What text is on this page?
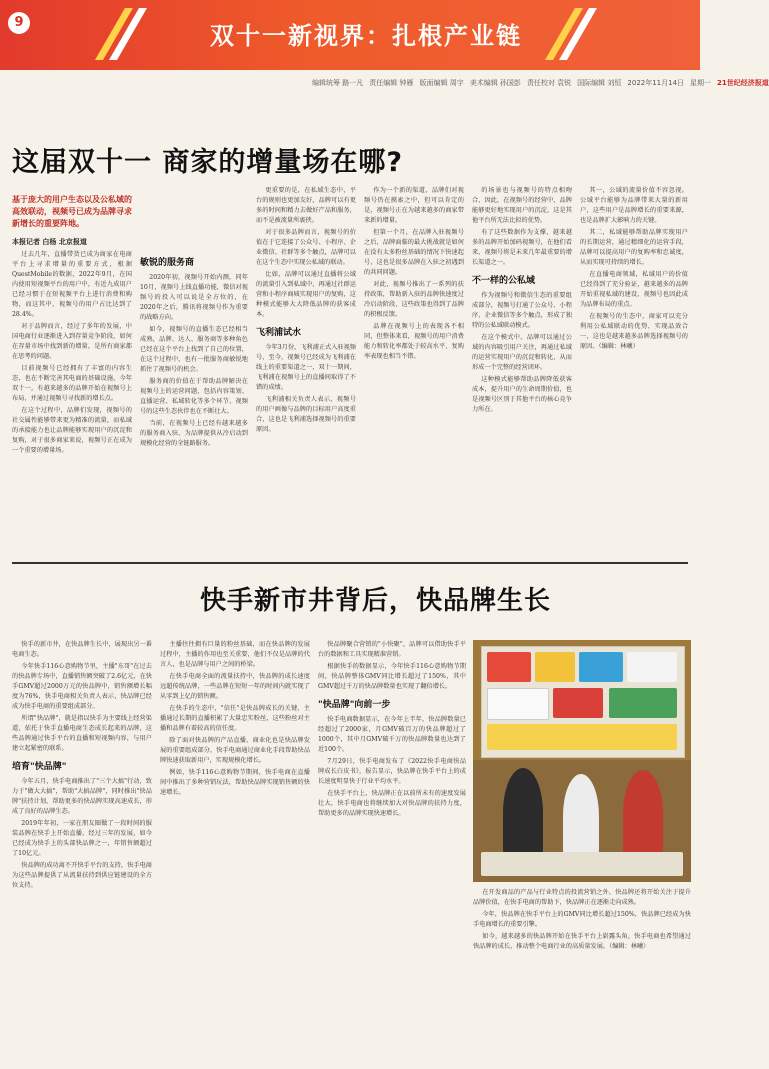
9	双十一新视界：扎根产业链
编辑统筹 路一凡 责任编辑 钟雁 版面编辑 周宇 美术编辑 孙国彭 责任校对 袁锐 国际编辑 刘恒 2022年11月14日 星期一 21世纪经济报道
这届双十一 商家的增量场在哪?
基于庞大的用户生态以及公私域的高效联动，视频号已成为品牌寻求新增长的重要阵地。
本报记者 白杨 北京报道

过去几年，直播带货已成为商家在电商平台上寻求增量的重要方式，根据QuestMobile的数据，2022年9月，在国内使用短视频平台的用户中，有近九成用户已经习惯于在短视频平台上进行消费和购物，而这其中，视频号的用户占比达到了28.4%。

对于品牌而言，经过了多年的发展，中国电商行业逐渐进入到存量竞争阶段，如何在存量市场中找到新的增量，是所有商家都在思考的问题。

目前视频号已经拥有了丰富的内容生态，也在不断完善其电商的基础设施，今年双十一，有越来越多的品牌开始在视频号上布局，并通过视频号寻找新的增长点。

在这个过程中，品牌们发现，视频号的社交属性能够带来更为精准的流量，而私域的承接能力也让品牌能够实现用户的沉淀和复购，对于很多商家来说，视频号正在成为一个重要的增量场。

敏锐的服务商

2020年初，视频号开始内测，同年10月，视频号上线直播功能，微信对视频号的投入可以说是全方位的，在2020年之后，腾讯将视频号作为重要的战略方向。

如今，视频号的直播生态已经相当成熟，品牌、达人、服务商等多种角色已经在这个平台上找到了自己的位置，在这个过程中，也有一批服务商敏锐地抓住了视频号的机会。

服务商的价值在于帮助品牌解决在视频号上的运营问题，包括内容策划、直播运营、私域转化等多个环节，视频号的这些生态伙伴也在不断壮大。

当前，在视频号上已经有越来越多的服务商入驻，为品牌提供从冷启动到规模化经营的全链路服务。

更重要的是，在私域生态中，平台的规则也更加友好，品牌可以有更多的时间和精力去做好产品和服务，而不是被流量所裹挟。

对于很多品牌而言，视频号的价值在于它连接了公众号、小程序、企业微信、社群等多个触点，品牌可以在这个生态中实现公私域的联动。

比如，品牌可以通过直播将公域的流量引入到私域中，再通过社群运营和小程序商城实现用户的复购，这种模式能够大大降低品牌的获客成本。

飞利浦试水

今年3月份，飞利浦正式入驻视频号，至今，视频号已经成为飞利浦在线上的重要渠道之一，双十一期间，飞利浦在视频号上的直播间取得了不错的成绩。

飞利浦相关负责人表示，视频号的用户画像与品牌的目标用户高度重合，这也是飞利浦选择视频号的重要原因。

作为一个新的渠道，品牌们对视频号仍在摸索之中，但可以肯定的是，视频号正在为越来越多的商家带来新的增量。

但第一个月，在品牌入驻视频号之后，品牌面临的最大挑战就是如何在没有太多粉丝基础的情况下快速起号，这也是很多品牌在入驻之初遇到的共同问题。

对此，视频号推出了一系列的扶持政策，帮助新入驻的品牌快速度过冷启动阶段，这些政策也得到了品牌的积极反馈。

品牌在视频号上的表现各不相同，但整体来看，视频号的用户消费能力和转化率都处于较高水平，复购率表现也相当不错。

的场景也与视频号的特点相吻合，因此，在视频号的经营中，品牌能够更好地实现用户的沉淀，这是其他平台所无法比拟的优势。

有了这些数据作为支撑，越来越多的品牌开始加码视频号，在他们看来，视频号将是未来几年最重要的增长渠道之一。

不一样的公私域

作为视频号和微信生态的重要组成部分，视频号打通了公众号、小程序、企业微信等多个触点，形成了独特的公私域联动模式。

在这个模式中，品牌可以通过公域的内容吸引用户关注，再通过私域的运营实现用户的沉淀和转化，从而形成一个完整的经营闭环。

这种模式能够帮助品牌降低获客成本，提升用户的生命周期价值，也是视频号区别于其他平台的核心竞争力所在。

其一，公域的流量价值不容忽视。公域平台能够为品牌带来大量的新用户，这些用户是品牌增长的重要来源，也是品牌扩大影响力的关键。

其二，私域能够帮助品牌实现用户的长期运营，通过精细化的运营手段，品牌可以提高用户的复购率和忠诚度，从而实现可持续的增长。

在直播电商领域，私域用户的价值已经得到了充分验证，越来越多的品牌开始重视私域的建设，视频号也因此成为品牌布局的重点。

在视频号的生态中，商家可以充分利用公私域联动的优势，实现品效合一，这也是越来越多品牌选择视频号的原因。（编辑：林曦）

快手新市井背后，快品牌生长

快手的新市井，在快品牌生长中，展现出另一番电商生态。

今年快手116心意购物节里，主播"东哥"在过去的快品牌专场中，直播销售额突破了2.6亿元，在快手GMV超过2000万元的快品牌中，销售额增长幅度为76%，快手电商相关负责人表示，快品牌已经成为快手电商的重要组成部分。

所谓"快品牌"，就是指以快手为主要线上经营渠道，依托于快手直播电商生态成长起来的品牌，这些品牌通过快手平台的直播和短视频内容，与用户建立起紧密的联系。

培育"快品牌"

今年五月，快手电商推出了"三个大搞"行动，致力于"做大大搞"，帮助"大搞品牌"，同时推出"快品牌"扶持计划，帮助更多的快品牌实现高速成长，形成了良好的品牌生态。

2019年年初，一家在朋友圈做了一段时间的服装品牌在快手上开始直播，经过三年的发展，如今已经成为快手上的头部快品牌之一，年销售额超过了10亿元。

快品牌的成功离不开快手平台的支持，快手电商为这些品牌提供了从流量扶持到供应链建设的全方位支持。

主播往往拥有巨量的粉丝基础，而在快品牌的发展过程中，主播的作用也至关重要，他们不仅是品牌的代言人，也是品牌与用户之间的桥梁。

在快手电商全面的流量扶持中，快品牌的成长速度远超传统品牌，一些品牌在短短一年的时间内就实现了从零到上亿的销售额。

在快手的生态中，"信任"是快品牌成长的关键，主播通过长期的直播积累了大量忠实粉丝，这些粉丝对主播和品牌有着较高的信任度。

除了面对快品牌的产品直播，商业化也是快品牌发展的重要组成部分，快手电商通过商业化手段帮助快品牌快速获取新用户，实现规模化增长。

例如，快手116心意购物节期间，快手电商在直播间中推出了多种营销玩法，帮助快品牌实现销售额的快速增长。

快品牌聚合营销的"小快聚"，品牌可以借助快手平台的数据和工具实现精准营销。

根据快手的数据显示，今年快手116心意购物节期间，快品牌整体GMV同比增长超过了150%，其中GMV超过千万的快品牌数量也实现了翻倍增长。

"快品牌"向前一步

快手电商数据显示，在今年上半年，快品牌数量已经超过了2000家，月GMV破百万的快品牌超过了1000个，其中月GMV破千万的快品牌数量也达到了近100个。

7月29日，快手电商发布了《2022快手电商快品牌成长白皮书》，报告显示，快品牌在快手平台上的成长速度明显快于行业平均水平。

在快手平台上，快品牌正在以前所未有的速度发展壮大，快手电商也将继续加大对快品牌的扶持力度，帮助更多的品牌实现快速增长。

在开发商品的产品与行业特点的投流营销之外，快品牌还将开始关注于提升品牌价值，在快手电商的帮助下，快品牌正在逐渐走向成熟。

今年，快品牌在快手平台上的GMV同比增长超过150%，快品牌已经成为快手电商增长的重要引擎。

如今，越来越多的快品牌开始在快手平台上崭露头角，快手电商也希望通过快品牌的成长，推动整个电商行业的高质量发展。（编辑：林曦）
